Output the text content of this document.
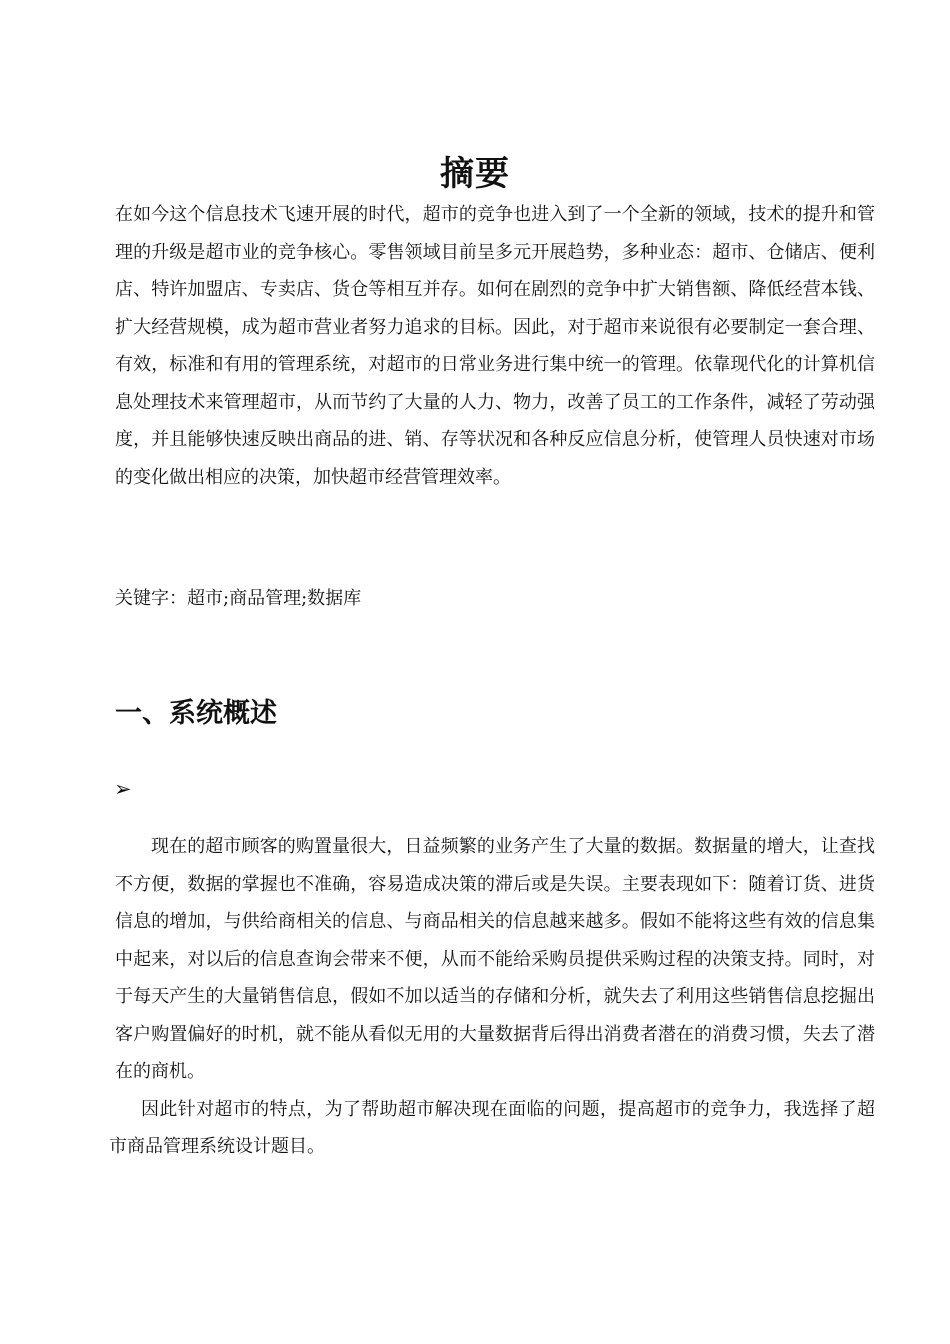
摘要

在如今这个信息技术飞速开展的时代，超市的竞争也进入到了一个全新的领域，技术的提升和管理的升级是超市业的竞争核心。零售领域目前呈多元开展趋势，多种业态：超市、仓储店、便利店、特许加盟店、专卖店、货仓等相互并存。如何在剧烈的竞争中扩大销售额、降低经营本钱、扩大经营规模，成为超市营业者努力追求的目标。因此，对于超市来说很有必要制定一套合理、有效，标准和有用的管理系统，对超市的日常业务进行集中统一的管理。依靠现代化的计算机信息处理技术来管理超市，从而节约了大量的人力、物力，改善了员工的工作条件，减轻了劳动强度，并且能够快速反映出商品的进、销、存等状况和各种反应信息分析，使管理人员快速对市场的变化做出相应的决策，加快超市经营管理效率。

关键字：超市;商品管理;数据库

一、系统概述
➢

现在的超市顾客的购置量很大，日益频繁的业务产生了大量的数据。数据量的增大，让查找不方便，数据的掌握也不准确，容易造成决策的滞后或是失误。主要表现如下：随着订货、进货信息的增加，与供给商相关的信息、与商品相关的信息越来越多。假如不能将这些有效的信息集中起来，对以后的信息查询会带来不便，从而不能给采购员提供采购过程的决策支持。同时，对于每天产生的大量销售信息，假如不加以适当的存储和分析，就失去了利用这些销售信息挖掘出客户购置偏好的时机，就不能从看似无用的大量数据背后得出消费者潜在的消费习惯，失去了潜在的商机。

因此针对超市的特点，为了帮助超市解决现在面临的问题，提高超市的竞争力，我选择了超市商品管理系统设计题目。
